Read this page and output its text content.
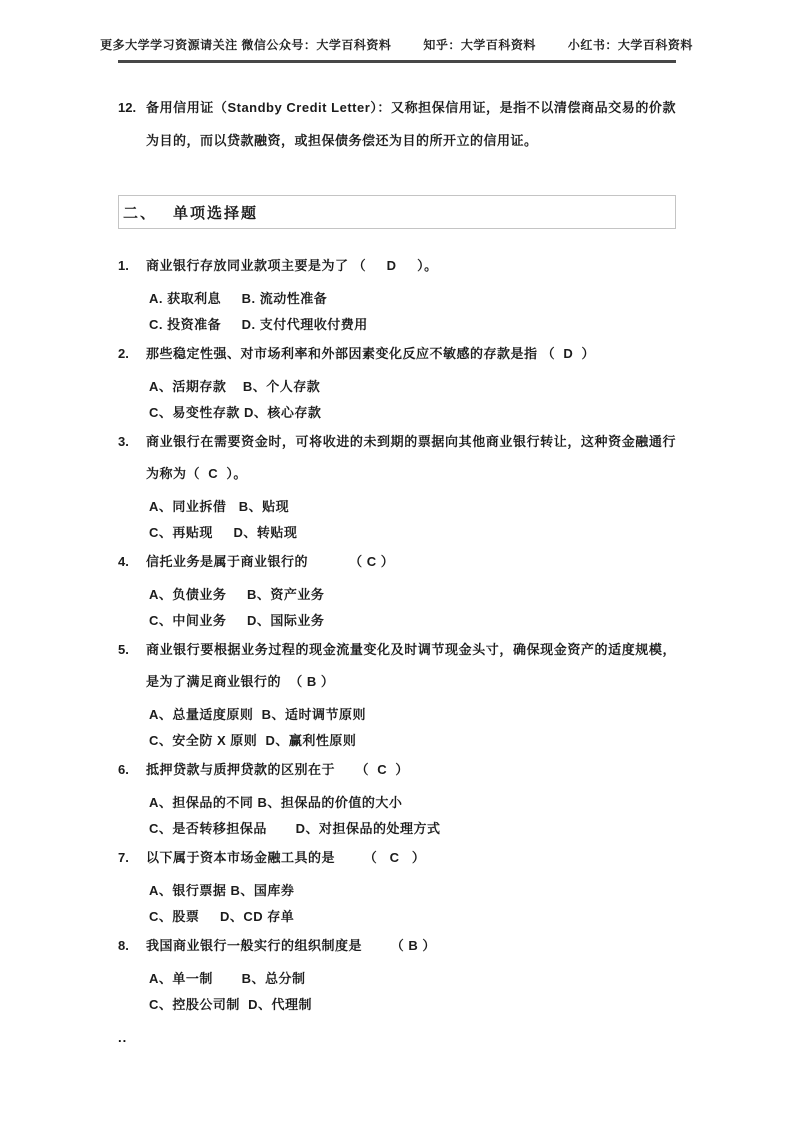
更多大学学习资源请关注 微信公众号：大学百科资料	知乎：大学百科资料	小红书：大学百科资料
12. 备用信用证（Standby Credit Letter）：又称担保信用证，是指不以清偿商品交易的价款为目的，而以贷款融资，或担保债务偿还为目的所开立的信用证。
二、 单项选择题
1.	商业银行存放同业款项主要是为了 （     D     ）。
A. 获取利息     B. 流动性准备
C. 投资准备     D. 支付代理收付费用
2.	那些稳定性强、对市场利率和外部因素变化反应不敏感的存款是指 （  D  ）
A、活期存款    B、个人存款
C、易变性存款 D、核心存款
3.	商业银行在需要资金时，可将收进的未到期的票据向其他商业银行转让，这种资金融通行为称为（  C  ）。
A、同业拆借   B、贴现
C、再贴现     D、转贴现
4.	信托业务是属于商业银行的          （ C ）
A、负债业务     B、资产业务
C、中间业务     D、国际业务
5.	商业银行要根据业务过程的现金流量变化及时调节现金头寸，确保现金资产的适度规模，是为了满足商业银行的  （ B ）
A、总量适度原则  B、适时调节原则
C、安全防 X 原则  D、赢利性原则
6.	抵押贷款与质押贷款的区别在于     （  C  ）
A、担保品的不同 B、担保品的价值的大小
C、是否转移担保品       D、对担保品的处理方式
7.	以下属于资本市场金融工具的是       （   C   ）
A、银行票据 B、国库券
C、股票     D、CD 存单
8.	我国商业银行一般实行的组织制度是       （ B ）
A、单一制       B、总分制
C、控股公司制  D、代理制
..
